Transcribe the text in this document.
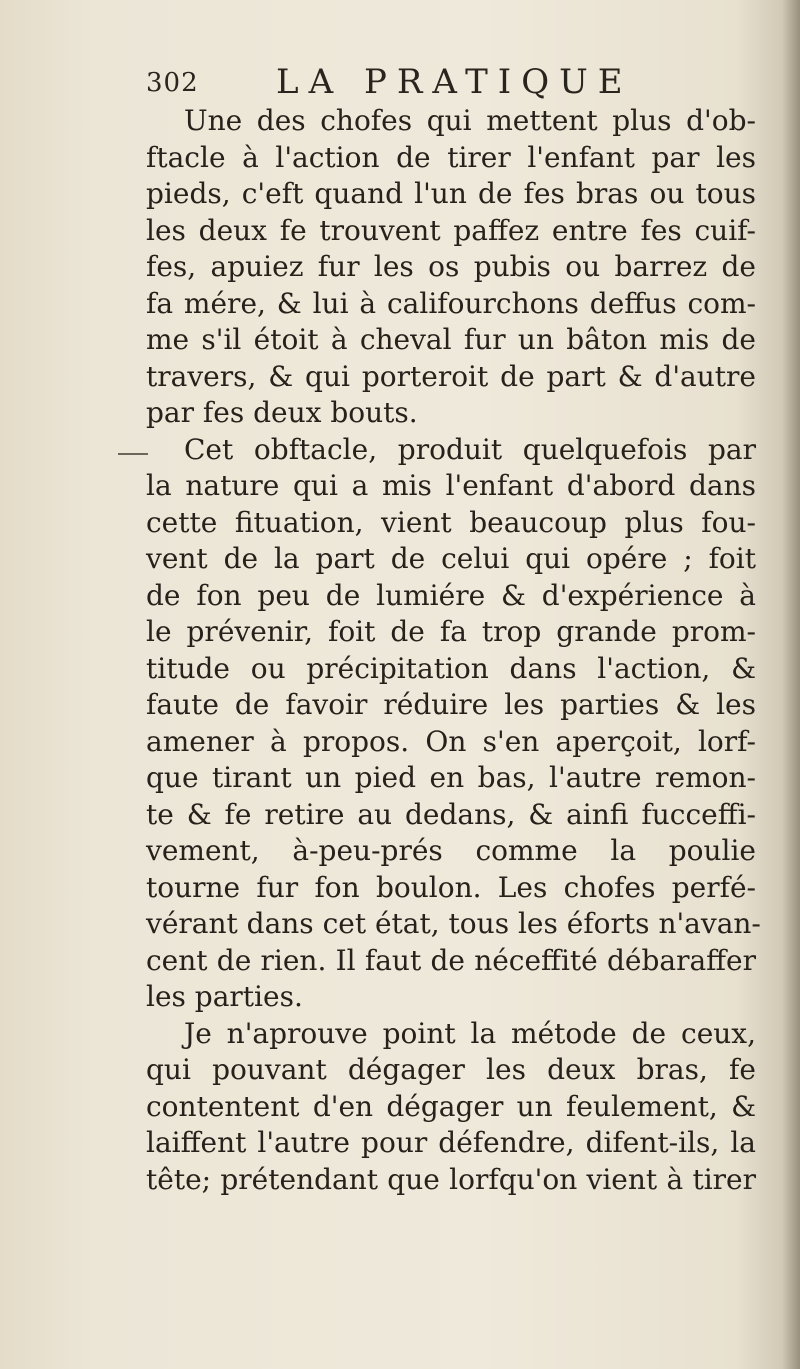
302 LA PRATIQUE
Une des chofes qui mettent plus d'ob-
ftacle à l'action de tirer l'enfant par les
pieds, c'eft quand l'un de fes bras ou tous
les deux fe trouvent paffez entre fes cuif-
fes, apuiez fur les os pubis ou barrez de
fa mére, & lui à califourchons deffus com-
me s'il étoit à cheval fur un bâton mis de
travers, & qui porteroit de part & d'autre
par fes deux bouts.
Cet obftacle, produit quelquefois par
la nature qui a mis l'enfant d'abord dans
cette fituation, vient beaucoup plus fou-
vent de la part de celui qui opére ; foit
de fon peu de lumiére & d'expérience à
le prévenir, foit de fa trop grande prom-
titude ou précipitation dans l'action, &
faute de favoir réduire les parties & les
amener à propos. On s'en aperçoit, lorf-
que tirant un pied en bas, l'autre remon-
te & fe retire au dedans, & ainfi fucceffi-
vement, à-peu-prés comme la poulie
tourne fur fon boulon. Les chofes perfé-
vérant dans cet état, tous les éforts n'avan-
cent de rien. Il faut de néceffité débaraffer
les parties.
Je n'aprouve point la métode de ceux,
qui pouvant dégager les deux bras, fe
contentent d'en dégager un feulement, &
laiffent l'autre pour défendre, difent-ils, la
tête; prétendant que lorfqu'on vient à tirer
